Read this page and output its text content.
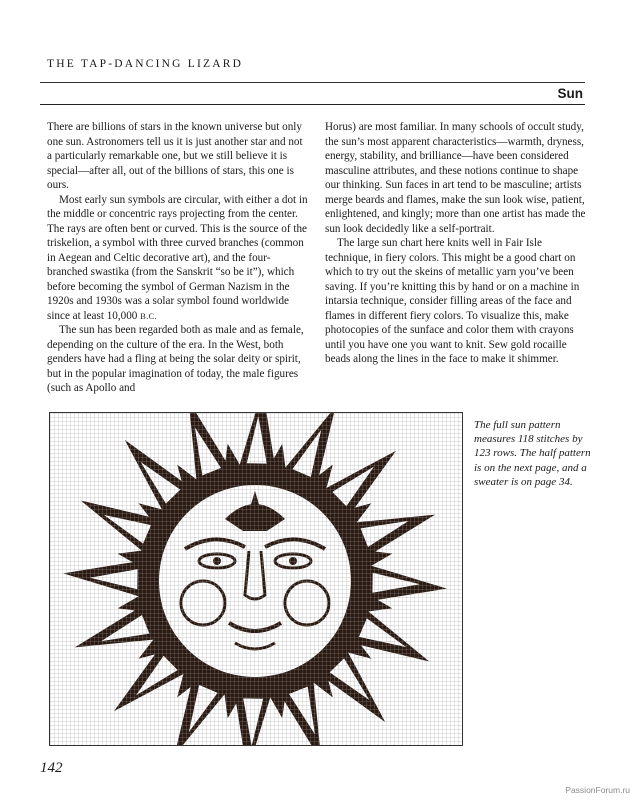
THE TAP-DANCING LIZARD
Sun

There are billions of stars in the known universe but only one sun. Astronomers tell us it is just another star and not a particularly remarkable one, but we still believe it is special—after all, out of the billions of stars, this one is ours.

Most early sun symbols are circular, with either a dot in the middle or concentric rays projecting from the center. The rays are often bent or curved. This is the source of the triskelion, a symbol with three curved branches (common in Aegean and Celtic decorative art), and the four-branched swastika (from the Sanskrit “so be it”), which before becoming the symbol of German Nazism in the 1920s and 1930s was a solar symbol found worldwide since at least 10,000 B.C.

The sun has been regarded both as male and as female, depending on the culture of the era. In the West, both genders have had a fling at being the solar deity or spirit, but in the popular imagination of today, the male figures (such as Apollo and

Horus) are most familiar. In many schools of occult study, the sun’s most apparent characteristics—warmth, dryness, energy, stability, and brilliance—have been considered masculine attributes, and these notions continue to shape our thinking. Sun faces in art tend to be masculine; artists merge beards and flames, make the sun look wise, patient, enlightened, and kingly; more than one artist has made the sun look decidedly like a self-portrait.

The large sun chart here knits well in Fair Isle technique, in fiery colors. This might be a good chart on which to try out the skeins of metallic yarn you’ve been saving. If you’re knitting this by hand or on a machine in intarsia technique, consider filling areas of the face and flames in different fiery colors. To visualize this, make photocopies of the sunface and color them with crayons until you have one you want to knit. Sew gold rocaille beads along the lines in the face to make it shimmer.

The full sun pattern measures 118 stitches by 123 rows. The half pattern is on the next page, and a sweater is on page 34.
142
PassionForum.ru
